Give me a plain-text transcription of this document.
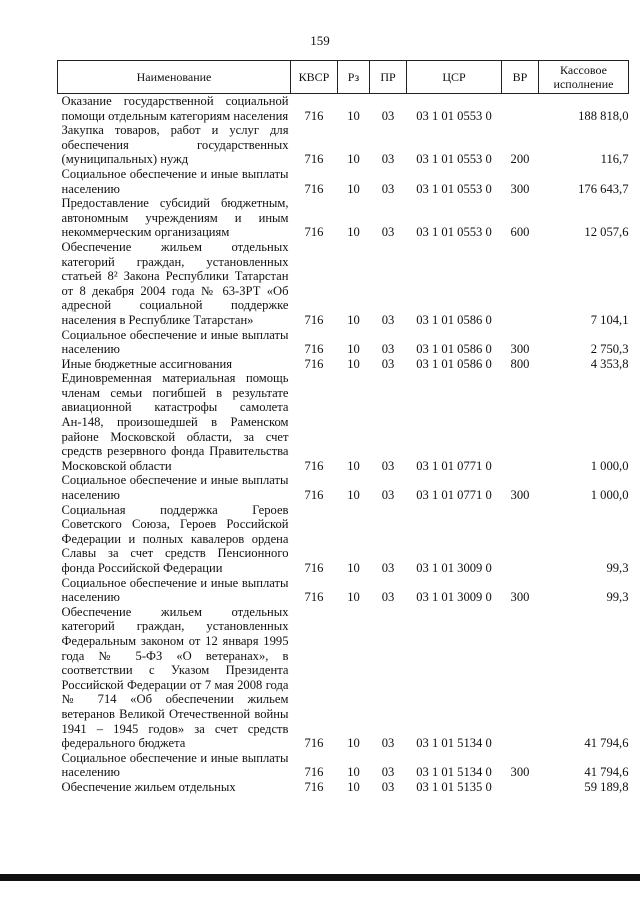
159
Наименование	КВСР	Рз	ПР	ЦСР	ВР	Кассовое исполнение
Оказание государственной социальной помощи отдельным категориям населения	716	10	03	03 1 01 0553 0		188 818,0
Закупка товаров, работ и услуг для обеспечения государственных (муниципальных) нужд	716	10	03	03 1 01 0553 0	200	116,7
Социальное обеспечение и иные выплаты населению	716	10	03	03 1 01 0553 0	300	176 643,7
Предоставление субсидий бюджетным, автономным учреждениям и иным некоммерческим организациям	716	10	03	03 1 01 0553 0	600	12 057,6
Обеспечение жильем отдельных категорий граждан, установленных статьей 8² Закона Республики Татарстан от 8 декабря 2004 года № 63-ЗРТ «Об адресной социальной поддержке населения в Республике Татарстан»	716	10	03	03 1 01 0586 0		7 104,1
Социальное обеспечение и иные выплаты населению	716	10	03	03 1 01 0586 0	300	2 750,3
Иные бюджетные ассигнования	716	10	03	03 1 01 0586 0	800	4 353,8
Единовременная материальная помощь членам семьи погибшей в результате авиационной катастрофы самолета Ан-148, произошедшей в Раменском районе Московской области, за счет средств резервного фонда Правительства Московской области	716	10	03	03 1 01 0771 0		1 000,0
Социальное обеспечение и иные выплаты населению	716	10	03	03 1 01 0771 0	300	1 000,0
Социальная поддержка Героев Советского Союза, Героев Российской Федерации и полных кавалеров ордена Славы за счет средств Пенсионного фонда Российской Федерации	716	10	03	03 1 01 3009 0		99,3
Социальное обеспечение и иные выплаты населению	716	10	03	03 1 01 3009 0	300	99,3
Обеспечение жильем отдельных категорий граждан, установленных Федеральным законом от 12 января 1995 года № 5-ФЗ «О ветеранах», в соответствии с Указом Президента Российской Федерации от 7 мая 2008 года № 714 «Об обеспечении жильем ветеранов Великой Отечественной войны 1941 – 1945 годов» за счет средств федерального бюджета	716	10	03	03 1 01 5134 0		41 794,6
Социальное обеспечение и иные выплаты населению	716	10	03	03 1 01 5134 0	300	41 794,6
Обеспечение жильем отдельных	716	10	03	03 1 01 5135 0		59 189,8
